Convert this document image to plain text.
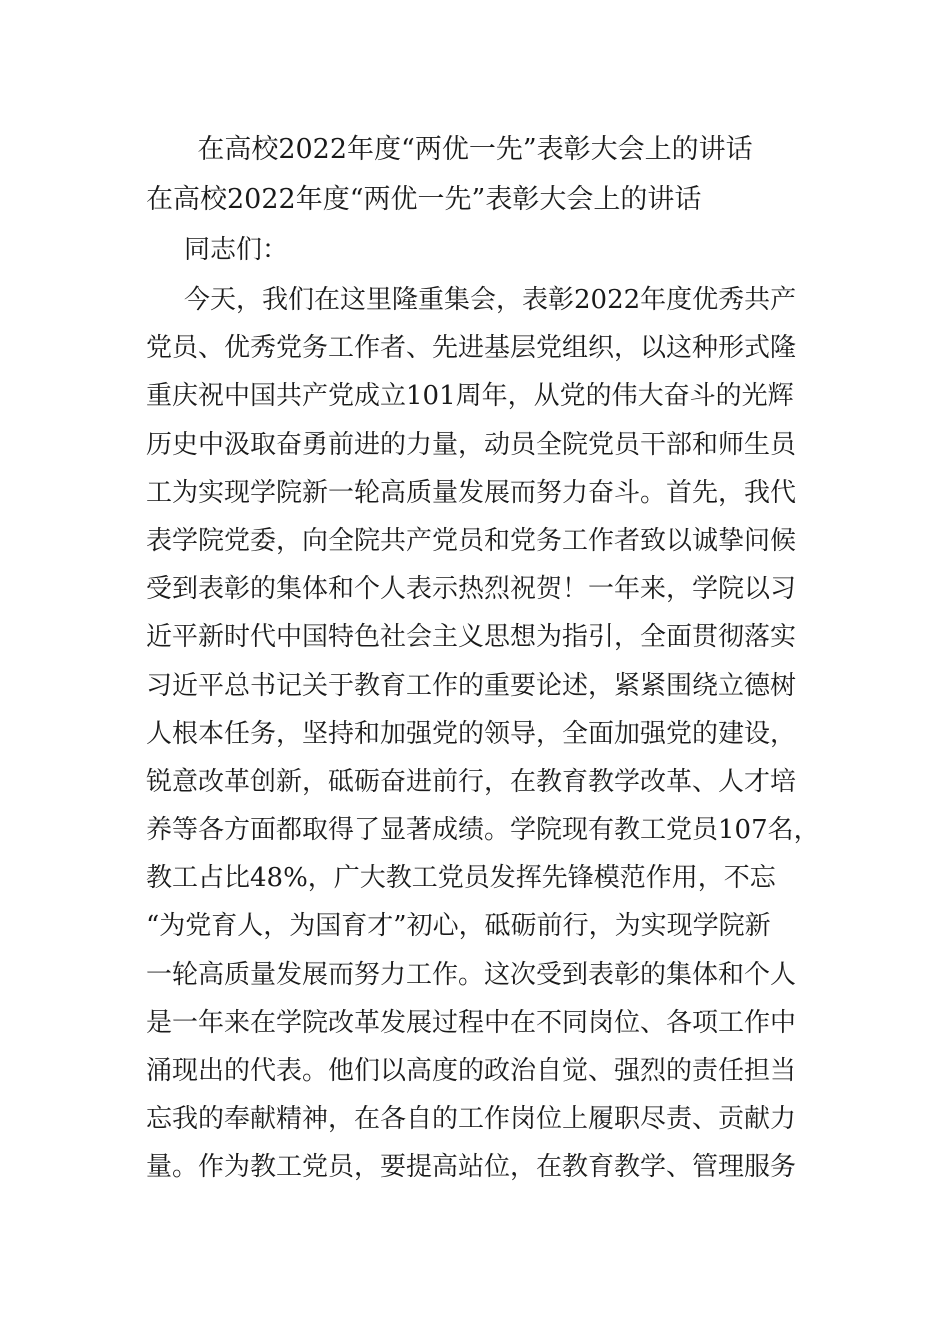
在高校2022年度“两优一先”表彰大会上的讲话
在高校2022年度“两优一先”表彰大会上的讲话
同志们：
今天，我们在这里隆重集会，表彰2022年度优秀共产
党员、优秀党务工作者、先进基层党组织，以这种形式隆
重庆祝中国共产党成立101周年，从党的伟大奋斗的光辉
历史中汲取奋勇前进的力量，动员全院党员干部和师生员
工为实现学院新一轮高质量发展而努力奋斗。首先，我代
表学院党委，向全院共产党员和党务工作者致以诚挚问候
受到表彰的集体和个人表示热烈祝贺！一年来，学院以习
近平新时代中国特色社会主义思想为指引，全面贯彻落实
习近平总书记关于教育工作的重要论述，紧紧围绕立德树
人根本任务，坚持和加强党的领导，全面加强党的建设，
锐意改革创新，砥砺奋进前行，在教育教学改革、人才培
养等各方面都取得了显著成绩。学院现有教工党员107名，
教工占比48%，广大教工党员发挥先锋模范作用，不忘
“为党育人，为国育才”初心，砥砺前行，为实现学院新
一轮高质量发展而努力工作。这次受到表彰的集体和个人
是一年来在学院改革发展过程中在不同岗位、各项工作中
涌现出的代表。他们以高度的政治自觉、强烈的责任担当
忘我的奉献精神，在各自的工作岗位上履职尽责、贡献力
量。作为教工党员，要提高站位，在教育教学、管理服务
